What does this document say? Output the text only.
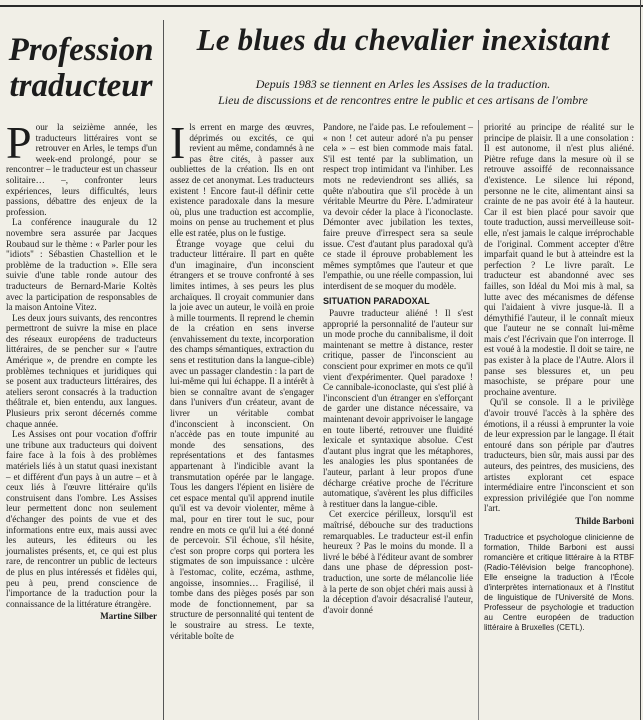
Profession traducteur
Le blues du chevalier inexistant
Depuis 1983 se tiennent en Arles les Assises de la traduction.
Lieu de discussions et de rencontres entre le public et ces artisans de l'ombre
P our la seizième année, les traducteurs littéraires vont se retrouver en Arles, le temps d'un week-end prolongé, pour se rencontrer – le traducteur est un chasseur solitaire… –, confronter leurs expériences, leurs difficultés, leurs passions, débattre des enjeux de la profession.

La conférence inaugurale du 12 novembre sera assurée par Jacques Roubaud sur le thème : « Parler pour les "idiots" : Sébastien Chastellion et le problème de la traduction ». Elle sera suivie d'une table ronde autour des traducteurs de Bernard-Marie Koltès avec la participation de responsables de la maison Antoine Vitez.

Les deux jours suivants, des rencontres permettront de suivre la mise en place des réseaux européens de traducteurs littéraires, de se pencher sur « l'autre Amérique », de prendre en compte les problèmes techniques et juridiques qui se posent aux traducteurs littéraires, des ateliers seront consacrés à la traduction théâtrale et, bien entendu, aux langues. Plusieurs prix seront décernés comme chaque année.

Les Assises ont pour vocation d'offrir une tribune aux traducteurs qui doivent faire face à la fois à des problèmes matériels liés à un statut quasi inexistant – et différent d'un pays à un autre – et à ceux liés à l'œuvre littéraire qu'ils construisent dans l'ombre. Les Assises leur permettent donc non seulement d'échanger des points de vue et des informations entre eux, mais aussi avec les auteurs, les éditeurs ou les journalistes présents, et, ce qui est plus rare, de rencontrer un public de lecteurs de plus en plus intéressés et fidèles qui, peu à peu, prend conscience de l'importance de la traduction pour la connaissance de la littérature étrangère.

Martine Silber
I ls errent en marge des œuvres, déprimés ou excités, ce qui revient au même, condamnés à ne pas être cités, à passer aux oubliettes de la création. Ils en ont assez de cet anonymat. Les traducteurs existent ! Encore faut-il définir cette existence paradoxale dans la mesure où, plus une traduction est accomplie, moins on pense au truchement et plus elle est ratée, plus on le fustige.

Étrange voyage que celui du traducteur littéraire. Il part en quête d'un imaginaire, d'un inconscient étrangers et se trouve confronté à ses limites intimes, à ses peurs les plus archaïques. Il croyait communier dans la joie avec un auteur, le voilà en proie à mille tourments. Il reprend le chemin de la création en sens inverse (envahissement du texte, incorporation des champs sémantiques, extraction du sens et restitution dans la langue-cible) avec un passager clandestin : la part de lui-même qui lui échappe. Il a intérêt à bien se connaître avant de s'engager dans l'univers d'un créateur, avant de livrer un véritable combat d'inconscient à inconscient. On n'accède pas en toute impunité au monde des sensations, des représentations et des fantasmes appartenant à l'indicible avant la transmutation opérée par le langage. Tous les dangers l'épient en lisière de cet espace mental qu'il apprend inutile qu'il est va devoir violenter, même à mal, pour en tirer tout le suc, pour rendre en mots ce qu'il lui a été donné de percevoir. S'il échoue, s'il hésite, c'est son propre corps qui portera les stigmates de son impuissance : ulcère à l'estomac, colite, eczéma, asthme, angoisse, insomnies… Fragilisé, il tombe dans des pièges posés par son mode de fonctionnement, par sa structure de personnalité qui tentent de le soustraire au stress. Le texte, véritable boîte de

Pandore, ne l'aide pas. Le refoulement – « non ! cet auteur adoré n'a pu penser cela » – est bien commode mais fatal. S'il est tenté par la sublimation, un respect trop intimidant va l'inhiber. Les mots ne redeviendront ses alliés, sa quête n'aboutira que s'il procède à un véritable Meurtre du Père. L'admirateur va devoir céder la place à l'iconoclaste. Démonter avec jubilation les textes, faire preuve d'irrespect sera sa seule issue. C'est d'autant plus paradoxal qu'à ce stade il éprouve probablement les mêmes symptômes que l'auteur et que l'empathie, ou une réelle compassion, lui interdisent de se moquer du modèle.

SITUATION PARADOXAL

Pauvre traducteur aliéné ! Il s'est approprié la personnalité de l'auteur sur un mode proche du cannibalisme, il doit maintenant se mettre à distance, rester critique, passer de l'inconscient au conscient pour exprimer en mots ce qu'il vient d'expérimenter. Quel paradoxe ! Ce cannibale-iconoclaste, qui s'est plié à l'inconscient d'un étranger en s'efforçant de garder une distance nécessaire, va maintenant devoir apprivoiser le langage en toute liberté, retrouver une fluidité lexicale et syntaxique absolue. C'est d'autant plus ingrat que les métaphores, les analogies les plus spontanées de l'auteur, parlant à leur propos d'une décharge créative proche de l'écriture automatique, s'avèrent les plus difficiles à restituer dans la langue-cible.

Cet exercice périlleux, lorsqu'il est maîtrisé, débouche sur des traductions remarquables. Le traducteur est-il enfin heureux ? Pas le moins du monde. Il a livré le bébé à l'éditeur avant de sombrer dans une phase de dépression post-traduction, une sorte de mélancolie liée à la perte de son objet chéri mais aussi à la déception d'avoir désacralisé l'auteur, d'avoir donné

priorité au principe de réalité sur le principe de plaisir. Il a une consolation : Il est autonome, il n'est plus aliéné. Piètre refuge dans la mesure où il se retrouve assoiffé de reconnaissance d'existence. Le silence lui répond, personne ne le cite, alimentant ainsi sa crainte de ne pas avoir été à la hauteur. Car il est bien placé pour savoir que toute traduction, aussi merveilleuse soit-elle, n'est jamais le calque irréprochable de l'original. Comment accepter d'être imparfait quand le but à atteindre est la perfection ? Le livre paraît. Le traducteur est abandonné avec ses failles, son Idéal du Moi mis à mal, sa lutte avec des mécanismes de défense qui l'aidaient à vivre jusque-là. Il a démythifié l'auteur, il le connaît mieux que l'auteur ne se connaît lui-même mais c'est l'écrivain que l'on interroge. Il est voué à la modestie. Il doit se taire, ne pas exister à la place de l'Autre. Alors il panse ses blessures et, un peu masochiste, se prépare pour une prochaine aventure.

Qu'il se console. Il a le privilège d'avoir trouvé l'accès à la sphère des émotions, il a réussi à emprunter la voie de leur expression par le langage. Il était entouré dans son périple par d'autres traducteurs, bien sûr, mais aussi par des auteurs, des peintres, des musiciens, des artistes explorant cet espace intermédiaire entre l'inconscient et son expression privilégiée que l'on nomme l'art.

Thilde Barboni
Traductrice et psychologue clinicienne de formation, Thilde Barboni est aussi romancière et critique littéraire à la RTBF (Radio-Télévision belge francophone). Elle enseigne la traduction à l'École d'interprètes internationaux et à l'Institut de linguistique de l'Université de Mons. Professeur de psychologie et traduction au Centre européen de traduction littéraire à Bruxelles (CETL).
